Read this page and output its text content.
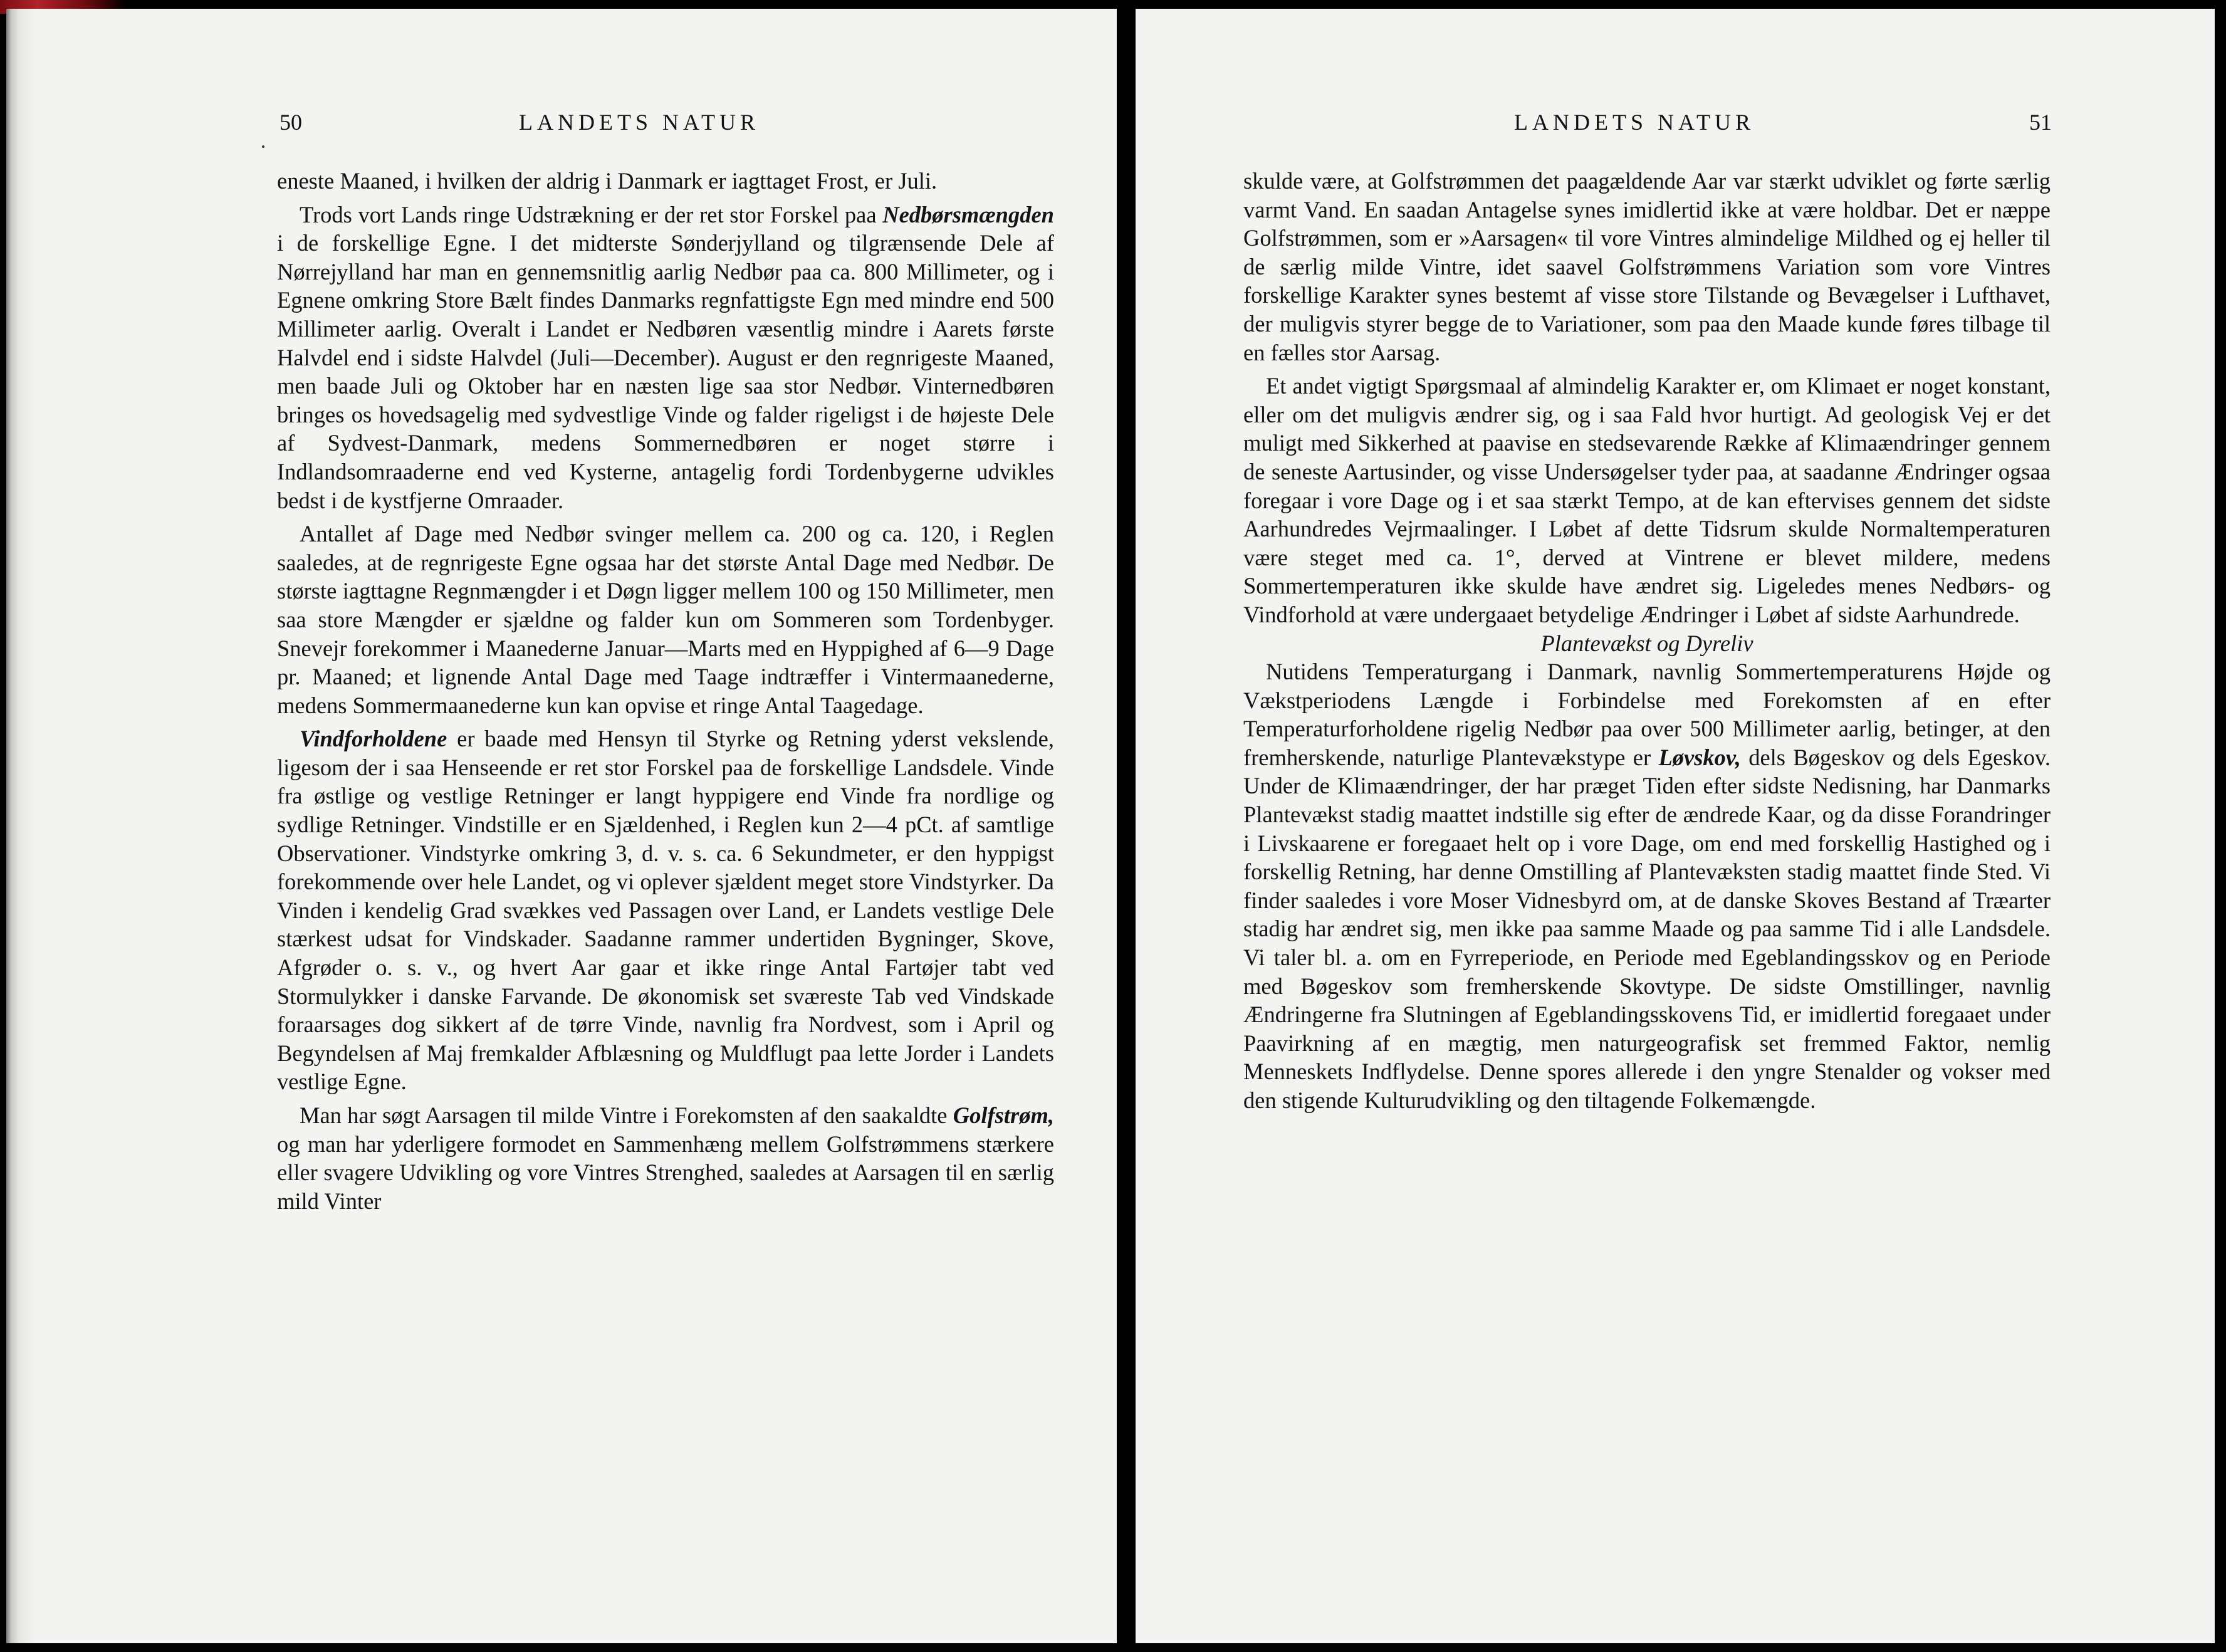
50	LANDETS NATUR

eneste Maaned, i hvilken der aldrig i Danmark er iagttaget Frost, er Juli.

Trods vort Lands ringe Udstrækning er der ret stor Forskel paa Nedbørsmængden i de forskellige Egne. I det midterste Sønderjylland og tilgrænsende Dele af Nørrejylland har man en gennemsnitlig aarlig Nedbør paa ca. 800 Millimeter, og i Egnene omkring Store Bælt findes Danmarks regnfattigste Egn med mindre end 500 Millimeter aarlig. Overalt i Landet er Nedbøren væsentlig mindre i Aarets første Halvdel end i sidste Halvdel (Juli—December). August er den regnrigeste Maaned, men baade Juli og Oktober har en næsten lige saa stor Nedbør. Vinternedbøren bringes os hovedsagelig med sydvestlige Vinde og falder rigeligst i de højeste Dele af Sydvest-Danmark, medens Sommernedbøren er noget større i Indlandsomraaderne end ved Kysterne, antagelig fordi Tordenbygerne udvikles bedst i de kystfjerne Omraader.

Antallet af Dage med Nedbør svinger mellem ca. 200 og ca. 120, i Reglen saaledes, at de regnrigeste Egne ogsaa har det største Antal Dage med Nedbør. De største iagttagne Regnmængder i et Døgn ligger mellem 100 og 150 Millimeter, men saa store Mængder er sjældne og falder kun om Sommeren som Tordenbyger. Snevejr forekommer i Maanederne Januar—Marts med en Hyppighed af 6—9 Dage pr. Maaned; et lignende Antal Dage med Taage indtræffer i Vintermaanederne, medens Sommermaanederne kun kan opvise et ringe Antal Taagedage.

Vindforholdene er baade med Hensyn til Styrke og Retning yderst vekslende, ligesom der i saa Henseende er ret stor Forskel paa de forskellige Landsdele. Vinde fra østlige og vestlige Retninger er langt hyppigere end Vinde fra nordlige og sydlige Retninger. Vindstille er en Sjældenhed, i Reglen kun 2—4 pCt. af samtlige Observationer. Vindstyrke omkring 3, d. v. s. ca. 6 Sekundmeter, er den hyppigst forekommende over hele Landet, og vi oplever sjældent meget store Vindstyrker. Da Vinden i kendelig Grad svækkes ved Passagen over Land, er Landets vestlige Dele stærkest udsat for Vindskader. Saadanne rammer undertiden Bygninger, Skove, Afgrøder o. s. v., og hvert Aar gaar et ikke ringe Antal Fartøjer tabt ved Stormulykker i danske Farvande. De økonomisk set sværeste Tab ved Vindskade foraarsages dog sikkert af de tørre Vinde, navnlig fra Nordvest, som i April og Begyndelsen af Maj fremkalder Afblæsning og Muldflugt paa lette Jorder i Landets vestlige Egne.

Man har søgt Aarsagen til milde Vintre i Forekomsten af den saakaldte Golfstrøm, og man har yderligere formodet en Sammenhæng mellem Golfstrømmens stærkere eller svagere Udvikling og vore Vintres Strenghed, saaledes at Aarsagen til en særlig mild Vinter

LANDETS NATUR	51

skulde være, at Golfstrømmen det paagældende Aar var stærkt udviklet og førte særlig varmt Vand. En saadan Antagelse synes imidlertid ikke at være holdbar. Det er næppe Golfstrømmen, som er »Aarsagen« til vore Vintres almindelige Mildhed og ej heller til de særlig milde Vintre, idet saavel Golfstrømmens Variation som vore Vintres forskellige Karakter synes bestemt af visse store Tilstande og Bevægelser i Lufthavet, der muligvis styrer begge de to Variationer, som paa den Maade kunde føres tilbage til en fælles stor Aarsag.

Et andet vigtigt Spørgsmaal af almindelig Karakter er, om Klimaet er noget konstant, eller om det muligvis ændrer sig, og i saa Fald hvor hurtigt. Ad geologisk Vej er det muligt med Sikkerhed at paavise en stedsevarende Række af Klimaændringer gennem de seneste Aartusinder, og visse Undersøgelser tyder paa, at saadanne Ændringer ogsaa foregaar i vore Dage og i et saa stærkt Tempo, at de kan eftervises gennem det sidste Aarhundredes Vejrmaalinger. I Løbet af dette Tidsrum skulde Normaltemperaturen være steget med ca. 1°, derved at Vintrene er blevet mildere, medens Sommertemperaturen ikke skulde have ændret sig. Ligeledes menes Nedbørs- og Vindforhold at være undergaaet betydelige Ændringer i Løbet af sidste Aarhundrede.

Plantevækst og Dyreliv

Nutidens Temperaturgang i Danmark, navnlig Sommertemperaturens Højde og Vækstperiodens Længde i Forbindelse med Forekomsten af en efter Temperaturforholdene rigelig Nedbør paa over 500 Millimeter aarlig, betinger, at den fremherskende, naturlige Plantevækstype er Løvskov, dels Bøgeskov og dels Egeskov. Under de Klimaændringer, der har præget Tiden efter sidste Nedisning, har Danmarks Plantevækst stadig maattet indstille sig efter de ændrede Kaar, og da disse Forandringer i Livskaarene er foregaaet helt op i vore Dage, om end med forskellig Hastighed og i forskellig Retning, har denne Omstilling af Plantevæksten stadig maattet finde Sted. Vi finder saaledes i vore Moser Vidnesbyrd om, at de danske Skoves Bestand af Træarter stadig har ændret sig, men ikke paa samme Maade og paa samme Tid i alle Landsdele. Vi taler bl. a. om en Fyrreperiode, en Periode med Egeblandingsskov og en Periode med Bøgeskov som fremherskende Skovtype. De sidste Omstillinger, navnlig Ændringerne fra Slutningen af Egeblandingsskovens Tid, er imidlertid foregaaet under Paavirkning af en mægtig, men naturgeografisk set fremmed Faktor, nemlig Menneskets Indflydelse. Denne spores allerede i den yngre Stenalder og vokser med den stigende Kulturudvikling og den tiltagende Folkemængde.
